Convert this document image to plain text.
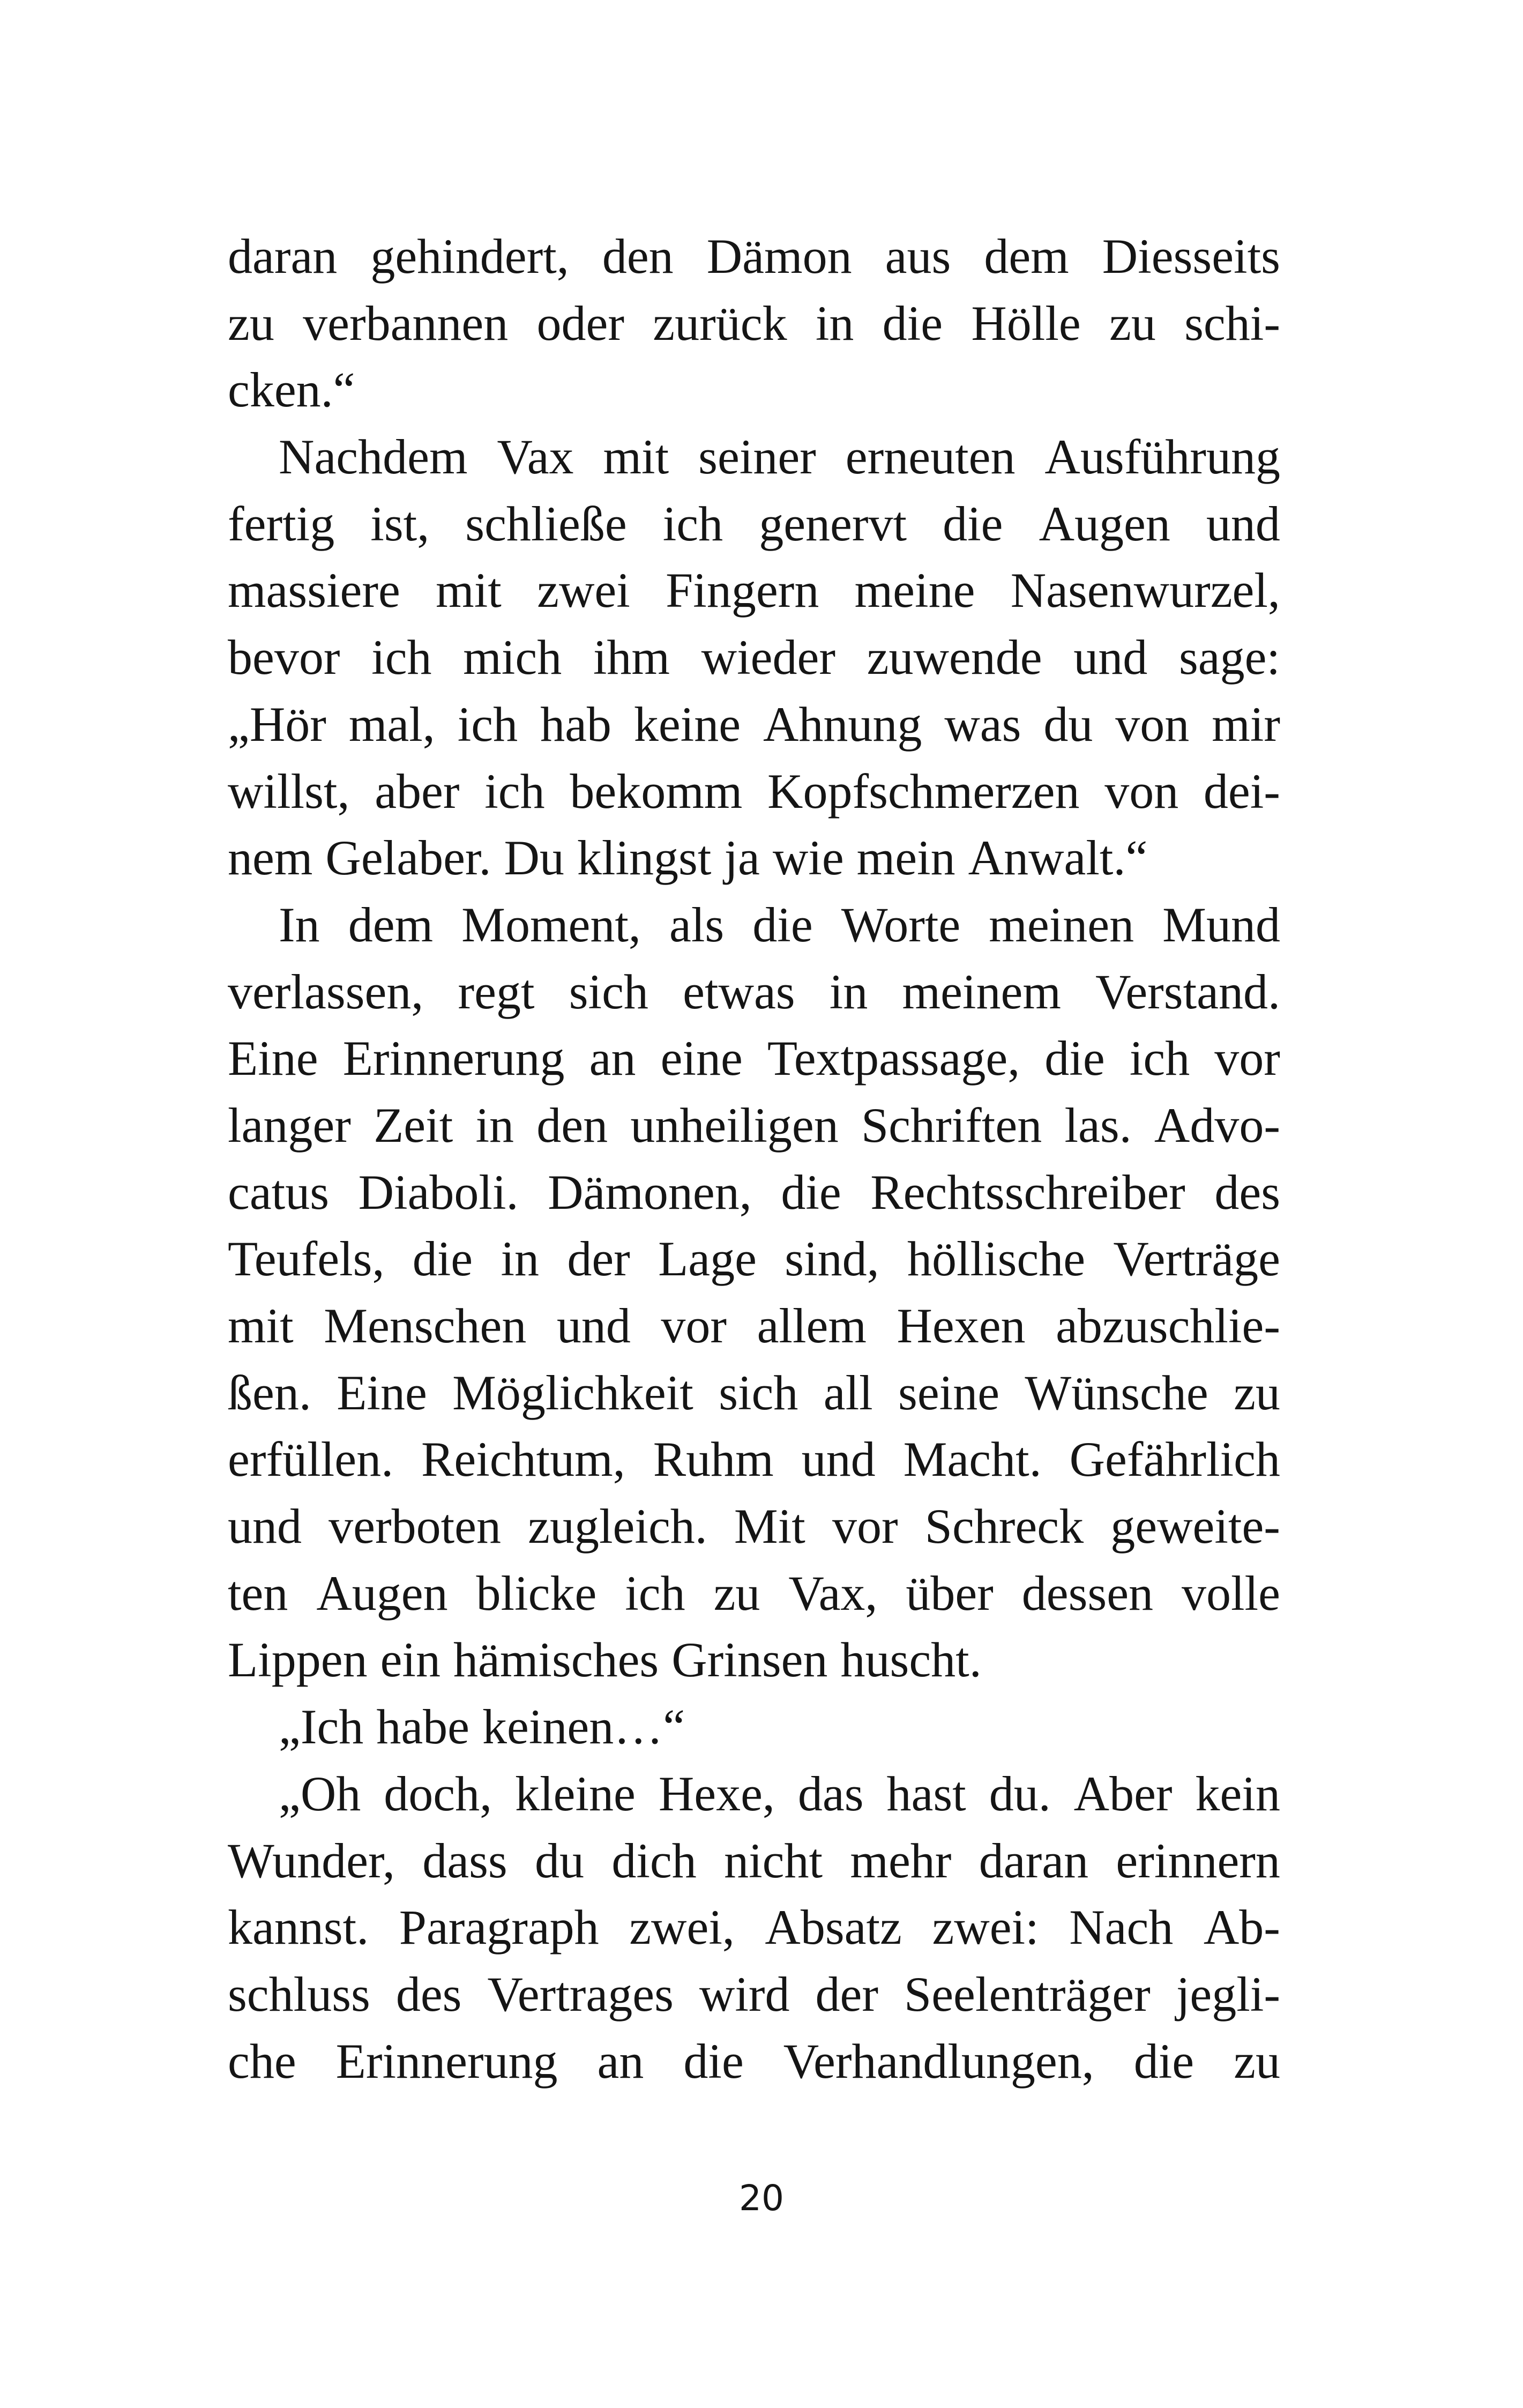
daran gehindert, den Dämon aus dem Diesseits
zu verbannen oder zurück in die Hölle zu schi-
cken.“
Nachdem Vax mit seiner erneuten Ausführung
fertig ist, schließe ich genervt die Augen und
massiere mit zwei Fingern meine Nasenwurzel,
bevor ich mich ihm wieder zuwende und sage:
„Hör mal, ich hab keine Ahnung was du von mir
willst, aber ich bekomm Kopfschmerzen von dei-
nem Gelaber. Du klingst ja wie mein Anwalt.“
In dem Moment, als die Worte meinen Mund
verlassen, regt sich etwas in meinem Verstand.
Eine Erinnerung an eine Textpassage, die ich vor
langer Zeit in den unheiligen Schriften las. Advo-
catus Diaboli. Dämonen, die Rechtsschreiber des
Teufels, die in der Lage sind, höllische Verträge
mit Menschen und vor allem Hexen abzuschlie-
ßen. Eine Möglichkeit sich all seine Wünsche zu
erfüllen. Reichtum, Ruhm und Macht. Gefährlich
und verboten zugleich. Mit vor Schreck geweite-
ten Augen blicke ich zu Vax, über dessen volle
Lippen ein hämisches Grinsen huscht.
„Ich habe keinen…“
„Oh doch, kleine Hexe, das hast du. Aber kein
Wunder, dass du dich nicht mehr daran erinnern
kannst. Paragraph zwei, Absatz zwei: Nach Ab-
schluss des Vertrages wird der Seelenträger jegli-
che Erinnerung an die Verhandlungen, die zu
20
